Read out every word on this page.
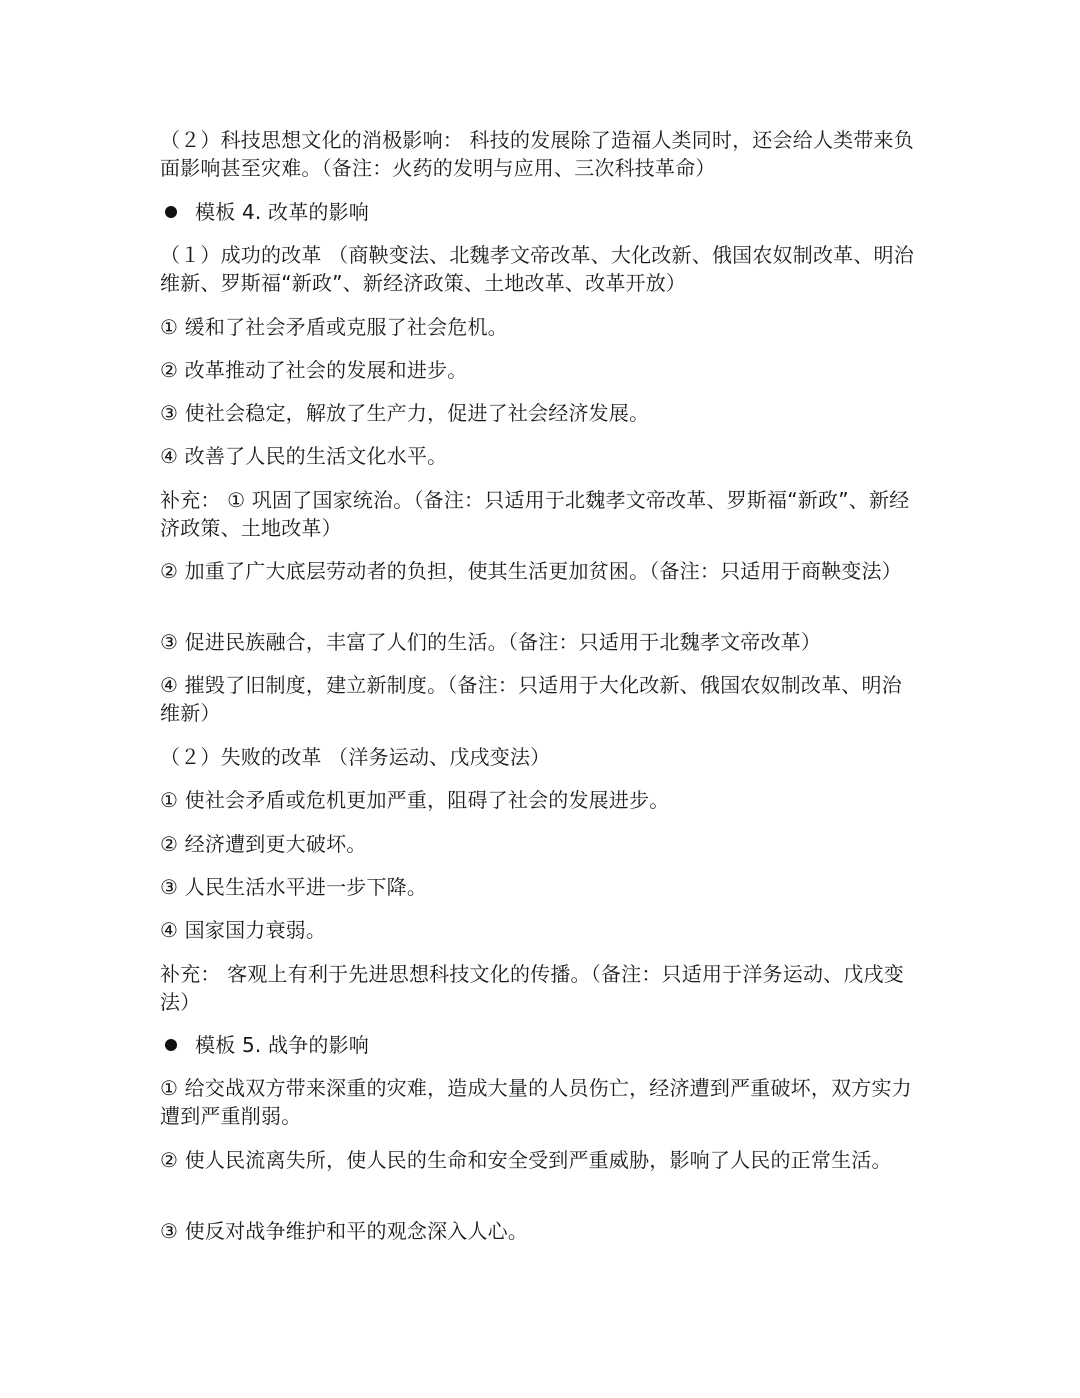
（２）科技思想文化的消极影响： 科技的发展除了造福人类同时，还会给人类带来负面影响甚至灾难。（备注：火药的发明与应用、三次科技革命）
模板 4. 改革的影响
（１）成功的改革 （商鞅变法、北魏孝文帝改革、大化改新、俄国农奴制改革、明治维新、罗斯福“新政”、新经济政策、土地改革、改革开放）
① 缓和了社会矛盾或克服了社会危机。
② 改革推动了社会的发展和进步。
③ 使社会稳定，解放了生产力，促进了社会经济发展。
④ 改善了人民的生活文化水平。
补充： ① 巩固了国家统治。（备注：只适用于北魏孝文帝改革、罗斯福“新政”、新经济政策、土地改革）
② 加重了广大底层劳动者的负担，使其生活更加贫困。（备注：只适用于商鞅变法）
③ 促进民族融合，丰富了人们的生活。（备注：只适用于北魏孝文帝改革）
④ 摧毁了旧制度，建立新制度。（备注：只适用于大化改新、俄国农奴制改革、明治维新）
（２）失败的改革 （洋务运动、戊戌变法）
① 使社会矛盾或危机更加严重，阻碍了社会的发展进步。
② 经济遭到更大破坏。
③ 人民生活水平进一步下降。
④ 国家国力衰弱。
补充： 客观上有利于先进思想科技文化的传播。（备注：只适用于洋务运动、戊戌变法）
模板 5. 战争的影响
① 给交战双方带来深重的灾难，造成大量的人员伤亡，经济遭到严重破坏，双方实力遭到严重削弱。
② 使人民流离失所，使人民的生命和安全受到严重威胁，影响了人民的正常生活。
③ 使反对战争维护和平的观念深入人心。
